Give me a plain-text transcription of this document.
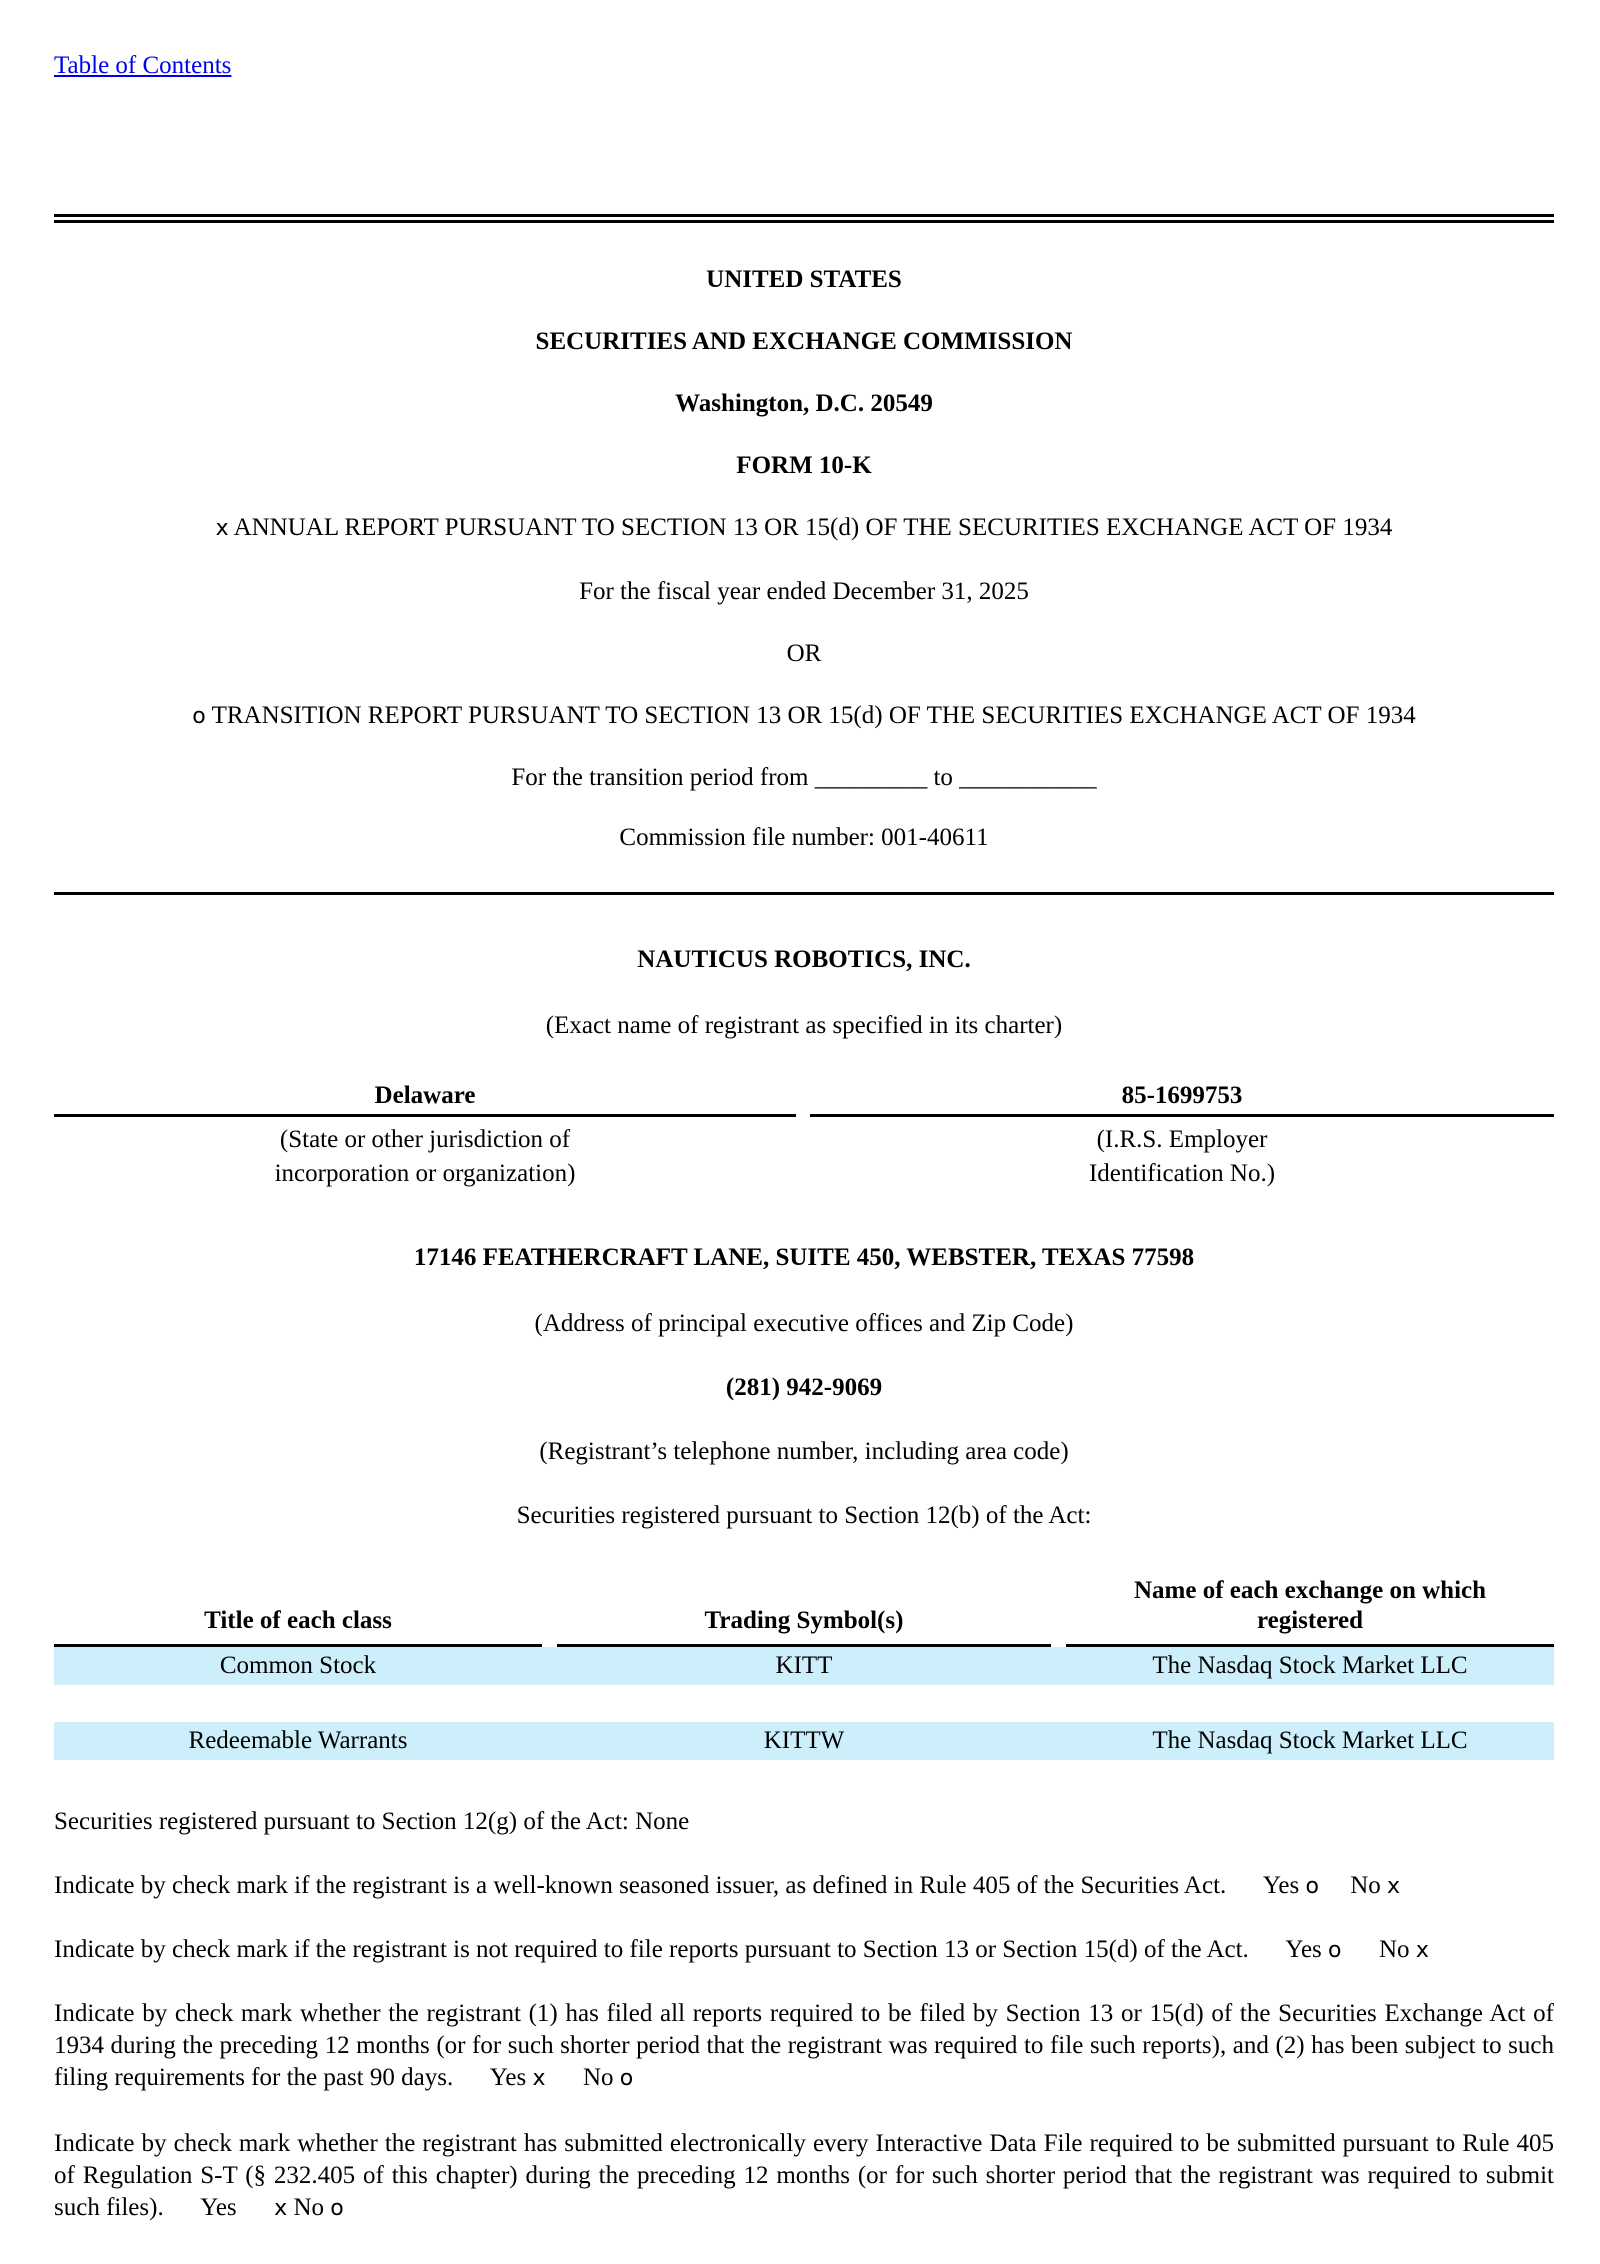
Table of Contents
UNITED STATES
SECURITIES AND EXCHANGE COMMISSION
Washington, D.C. 20549
FORM 10-K
x ANNUAL REPORT PURSUANT TO SECTION 13 OR 15(d) OF THE SECURITIES EXCHANGE ACT OF 1934
For the fiscal year ended December 31, 2025
OR
o TRANSITION REPORT PURSUANT TO SECTION 13 OR 15(d) OF THE SECURITIES EXCHANGE ACT OF 1934
For the transition period from _________ to ___________
Commission file number: 001-40611
NAUTICUS ROBOTICS, INC.
(Exact name of registrant as specified in its charter)
Delaware
(State or other jurisdiction of
incorporation or organization)
85-1699753
(I.R.S. Employer
Identification No.)
17146 FEATHERCRAFT LANE, SUITE 450, WEBSTER, TEXAS 77598
(Address of principal executive offices and Zip Code)
(281) 942-9069
(Registrant’s telephone number, including area code)
Securities registered pursuant to Section 12(b) of the Act:
Title of each class	Trading Symbol(s)
Name of each exchange on which
registered
Common Stock	KITT	The Nasdaq Stock Market LLC
Redeemable Warrants	KITTW	The Nasdaq Stock Market LLC
Securities registered pursuant to Section 12(g) of the Act: None
Indicate by check mark if the registrant is a well-known seasoned issuer, as defined in Rule 405 of the Securities Act. Yes o No x
Indicate by check mark if the registrant is not required to file reports pursuant to Section 13 or Section 15(d) of the Act. Yes o No x
Indicate by check mark whether the registrant (1) has filed all reports required to be filed by Section 13 or 15(d) of the Securities Exchange Act of 1934 during the preceding 12 months (or for such shorter period that the registrant was required to file such reports), and (2) has been subject to such filing requirements for the past 90 days. Yes x No o
Indicate by check mark whether the registrant has submitted electronically every Interactive Data File required to be submitted pursuant to Rule 405 of Regulation S-T (§ 232.405 of this chapter) during the preceding 12 months (or for such shorter period that the registrant was required to submit such files). Yes x No o
